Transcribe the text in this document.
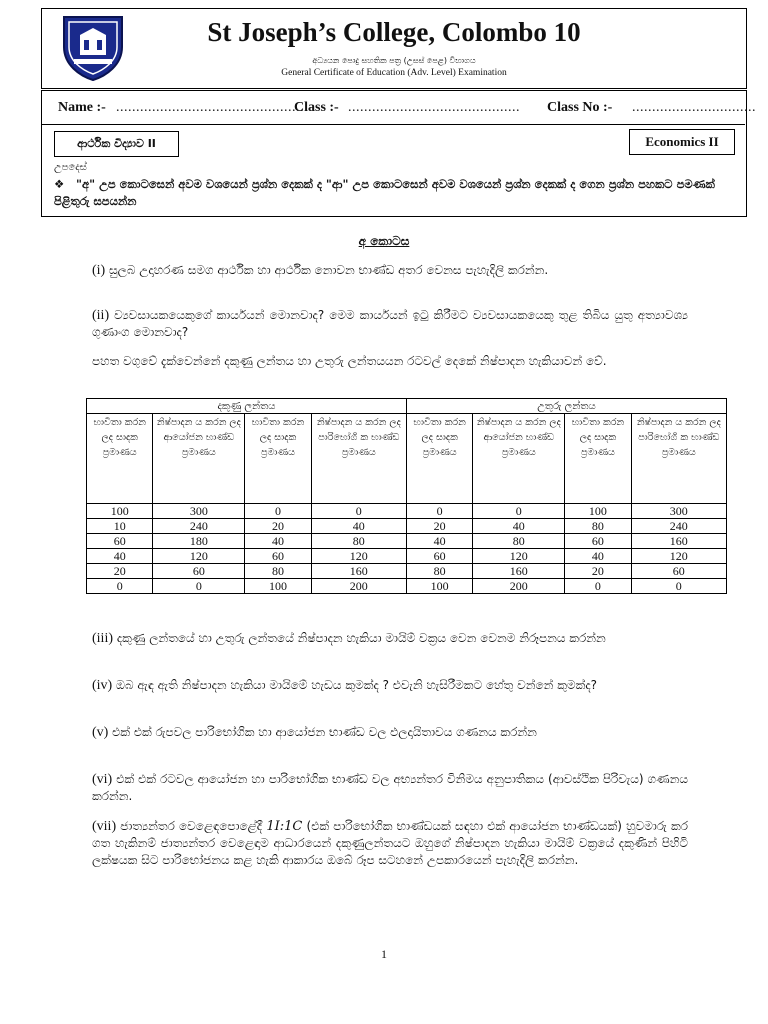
St Joseph’s College, Colombo 10
අධ්‍යයන පොදු සහතික පත්‍ර (උසස් පෙළ) විභාගය
General Certificate of Education (Adv. Level) Examination
Name :- ...............................................
Class :- ........................................... Class No :- ...............................
ආර්ථික විද්‍යාව II	Economics II
උපදෙස්
❖ "අ" උප කොටසෙන් අවම වශයෙන් ප්‍රශ්න දෙකක් ද "ආ" උප කොටසෙන් අවම වශයෙන් ප්‍රශ්න දෙකක් ද ගෙන ප්‍රශ්න පහකට පමණක් පිළිතුරු සපයන්න
අ කොටස
(i) සුලබ උදාහරණ සමග ආර්ථික හා ආර්ථික නොවන භාණ්ඩ අතර වෙනස පැහැදිලි කරන්න.
(ii) ව්‍යවසායකයෙකුගේ කාර්යයන් මොනවාද? මෙම කාර්යයන් ඉටු කිරීමට ව්‍යවසායකයෙකු තුළ තිබිය යුතු අත්‍යාවශ්‍ය ගුණාංග මොනවාද?
පහත වගුවේ දැක්වෙන්නේ දකුණු ලන්තය හා උතුරු ලන්තයයන රටවල් දෙකේ නිෂ්පාදන හැකියාවන් වේ.
දකුණු ලන්තය				උතුරු ලන්තය			
භාවිතා කරන ලද සාදක ප්‍රමාණය	නිෂ්පාදන ය කරන ලද ආයෝජන භාණ්ඩ ප්‍රමාණය	භාවිතා කරන ලද සාදක ප්‍රමාණය	නිෂ්පාදන ය කරන ලද පාරිභෝගි ක භාණ්ඩ ප්‍රමාණය	භාවිතා කරන ලද සාදක ප්‍රමාණය	නිෂ්පාදන ය කරන ලද ආයෝජන භාණ්ඩ ප්‍රමාණය	භාවිතා කරන ලද සාදක ප්‍රමාණය	නිෂ්පාදන ය කරන ලද පාරිභෝගි ක භාණ්ඩ ප්‍රමාණය
100	300	0	0	0	0	100	300
10	240	20	40	20	40	80	240
60	180	40	80	40	80	60	160
40	120	60	120	60	120	40	120
20	60	80	160	80	160	20	60
0	0	100	200	100	200	0	0
(iii) දකුණු ලන්තයේ හා උතුරු ලන්තයේ නිෂ්පාදන හැකියා මායිම් වක්‍රය වෙන වෙනම නිරූපනය කරන්න
(iv) ඔබ ඇඳ ඇති නිෂ්පාදන හැකියා මායිමේ හැඩය කුමක්ද ? එවැනි හැසිරීමකට හේතු වන්නේ කුමක්ද?
(v) එක් එක් රුපවල පාරිභෝගික හා ආයෝජන භාණ්ඩ වල ඵලදායිතාවය ගණනය කරන්න
(vi) එක් එක් රටවල ආයෝජන හා පාරිභෝගික භාණ්ඩ වල අභ්‍යන්තර විනිමය අනුපාතිකය (ආවස්ථික පිරිවැය) ගණනය කරන්න.
(vii) ජාත්‍යන්තර වෙළෙඳපොළේදී 1I:1C (එක් පාරිභෝගික භාණ්ඩයක් සඳහා එක් ආයෝජන භාණ්ඩයක්) හුවමාරු කර ගත හැකිනම් ජාත්‍යන්තර වෙළෙඳාම ආධාරයෙන් දකුණුලන්තයට ඔහුගේ නිෂ්පාදන හැකියා මායිම් වක්‍රයේ දකුණින් පිහිටි ලක්ෂයක සිට පාරිභෝජනය කළ හැකි ආකාරය ඔබේ රූප සටහනේ උපකාරයෙන් පැහැදිලි කරන්න.
1
